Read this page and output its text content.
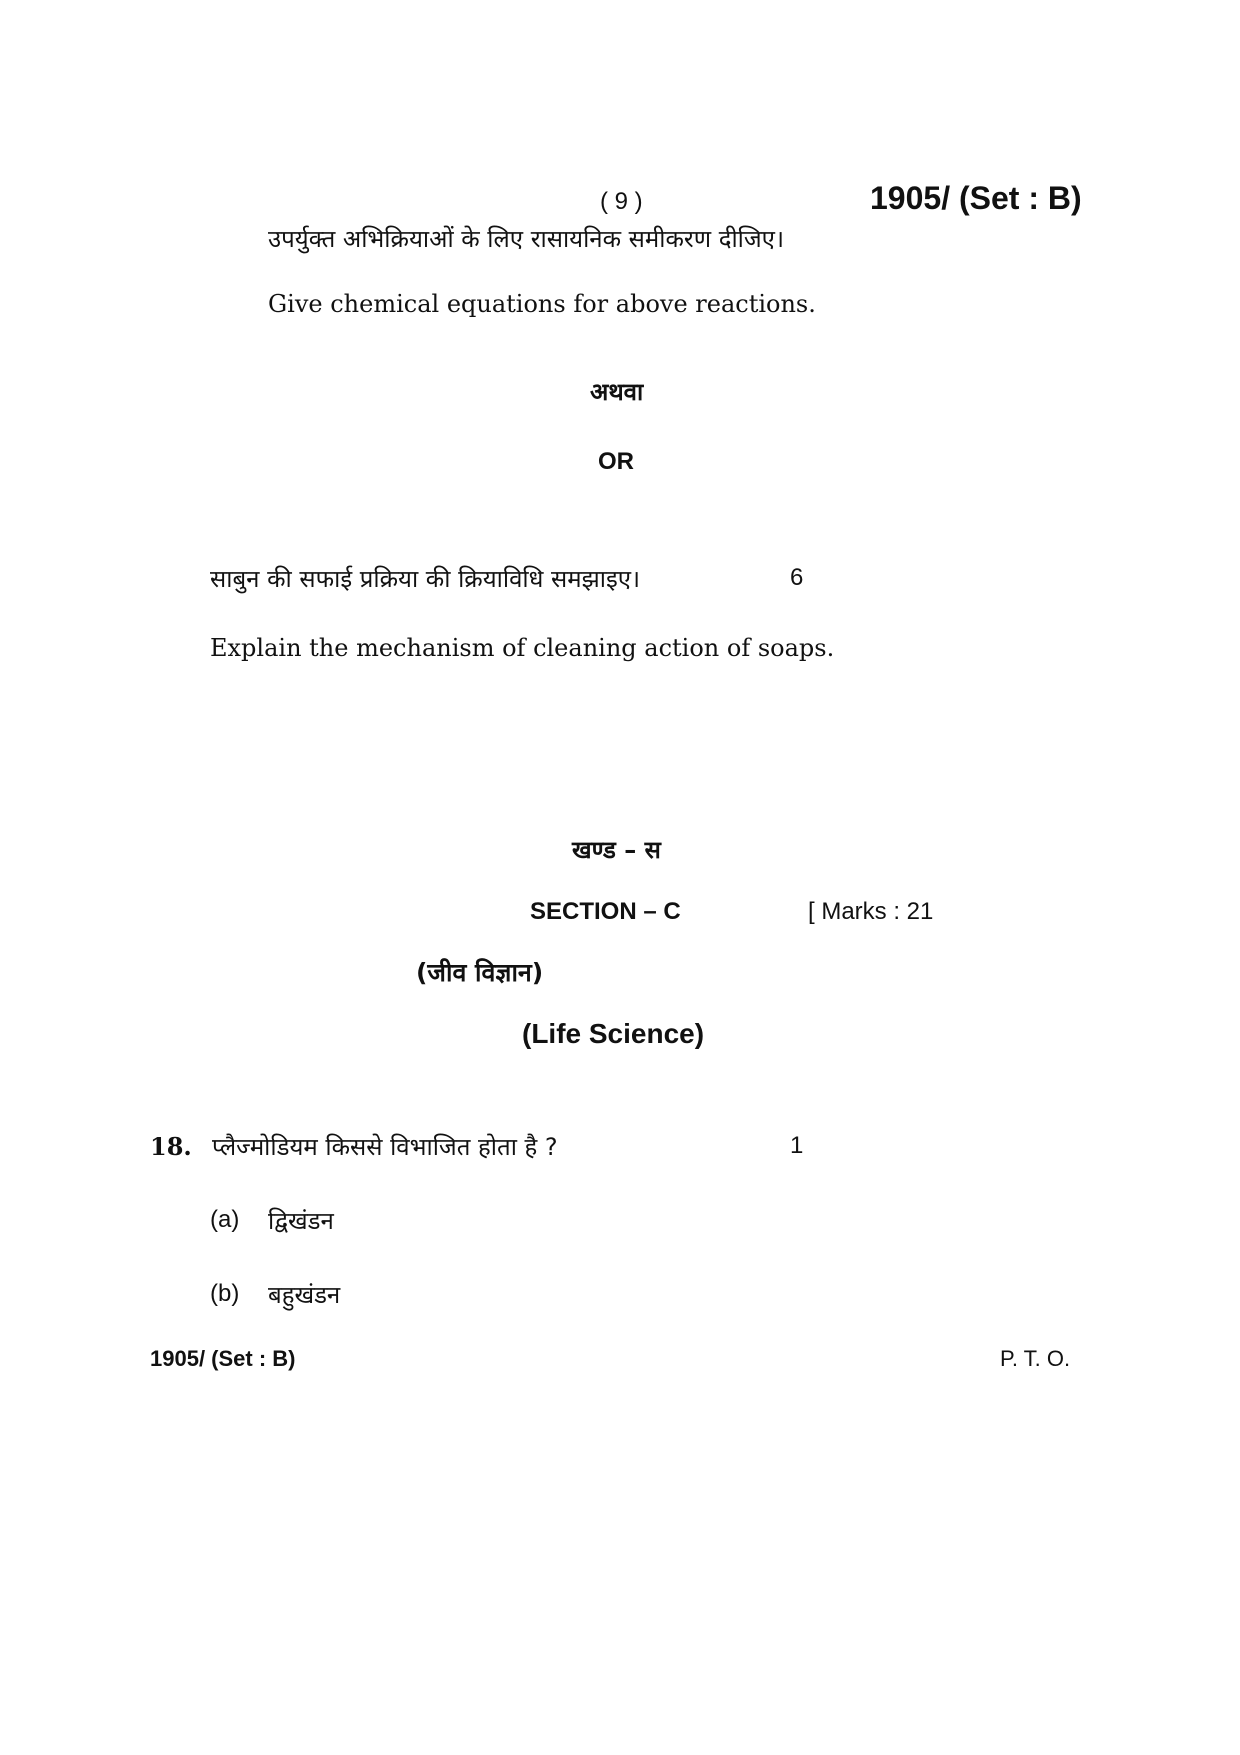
( 9 )	1905/ (Set : B)
उपर्युक्त अभिक्रियाओं के लिए रासायनिक समीकरण दीजिए।
Give chemical equations for above reactions.
अथवा
OR
साबुन की सफाई प्रक्रिया की क्रियाविधि समझाइए।	6
Explain the mechanism of cleaning action of soaps.
खण्ड – स
SECTION – C	[ Marks : 21
(जीव विज्ञान)
(Life Science)
18. प्लैज्मोडियम किससे विभाजित होता है ?	1
(a) द्विखंडन
(b) बहुखंडन
1905/ (Set : B)	P. T. O.
